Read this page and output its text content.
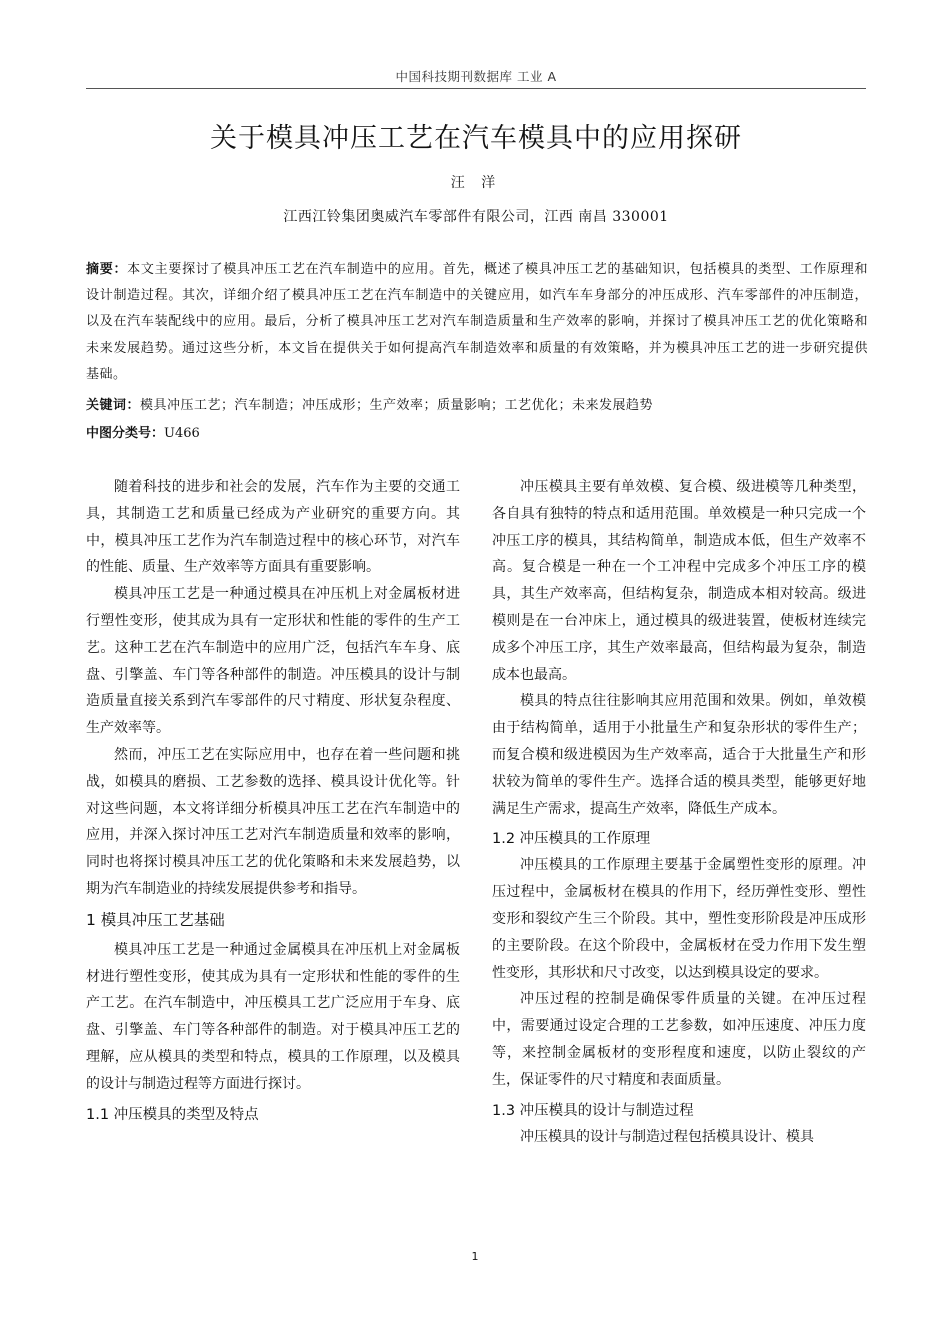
中国科技期刊数据库 工业 A
关于模具冲压工艺在汽车模具中的应用探研
汪 洋
江西江铃集团奥威汽车零部件有限公司，江西 南昌 330001
摘要：本文主要探讨了模具冲压工艺在汽车制造中的应用。首先，概述了模具冲压工艺的基础知识，包括模具的类型、工作原理和设计制造过程。其次，详细介绍了模具冲压工艺在汽车制造中的关键应用，如汽车车身部分的冲压成形、汽车零部件的冲压制造，以及在汽车装配线中的应用。最后，分析了模具冲压工艺对汽车制造质量和生产效率的影响，并探讨了模具冲压工艺的优化策略和未来发展趋势。通过这些分析，本文旨在提供关于如何提高汽车制造效率和质量的有效策略，并为模具冲压工艺的进一步研究提供基础。
关键词：模具冲压工艺；汽车制造；冲压成形；生产效率；质量影响；工艺优化；未来发展趋势
中图分类号：U466

随着科技的进步和社会的发展，汽车作为主要的交通工具，其制造工艺和质量已经成为产业研究的重要方向。其中，模具冲压工艺作为汽车制造过程中的核心环节，对汽车的性能、质量、生产效率等方面具有重要影响。

模具冲压工艺是一种通过模具在冲压机上对金属板材进行塑性变形，使其成为具有一定形状和性能的零件的生产工艺。这种工艺在汽车制造中的应用广泛，包括汽车车身、底盘、引擎盖、车门等各种部件的制造。冲压模具的设计与制造质量直接关系到汽车零部件的尺寸精度、形状复杂程度、生产效率等。

然而，冲压工艺在实际应用中，也存在着一些问题和挑战，如模具的磨损、工艺参数的选择、模具设计优化等。针对这些问题，本文将详细分析模具冲压工艺在汽车制造中的应用，并深入探讨冲压工艺对汽车制造质量和效率的影响，同时也将探讨模具冲压工艺的优化策略和未来发展趋势，以期为汽车制造业的持续发展提供参考和指导。

1 模具冲压工艺基础

模具冲压工艺是一种通过金属模具在冲压机上对金属板材进行塑性变形，使其成为具有一定形状和性能的零件的生产工艺。在汽车制造中，冲压模具工艺广泛应用于车身、底盘、引擎盖、车门等各种部件的制造。对于模具冲压工艺的理解，应从模具的类型和特点，模具的工作原理，以及模具的设计与制造过程等方面进行探讨。

1.1 冲压模具的类型及特点

冲压模具主要有单效模、复合模、级进模等几种类型，各自具有独特的特点和适用范围。单效模是一种只完成一个冲压工序的模具，其结构简单，制造成本低，但生产效率不高。复合模是一种在一个工冲程中完成多个冲压工序的模具，其生产效率高，但结构复杂，制造成本相对较高。级进模则是在一台冲床上，通过模具的级进装置，使板材连续完成多个冲压工序，其生产效率最高，但结构最为复杂，制造成本也最高。

模具的特点往往影响其应用范围和效果。例如，单效模由于结构简单，适用于小批量生产和复杂形状的零件生产；而复合模和级进模因为生产效率高，适合于大批量生产和形状较为简单的零件生产。选择合适的模具类型，能够更好地满足生产需求，提高生产效率，降低生产成本。

1.2 冲压模具的工作原理

冲压模具的工作原理主要基于金属塑性变形的原理。冲压过程中，金属板材在模具的作用下，经历弹性变形、塑性变形和裂纹产生三个阶段。其中，塑性变形阶段是冲压成形的主要阶段。在这个阶段中，金属板材在受力作用下发生塑性变形，其形状和尺寸改变，以达到模具设定的要求。

冲压过程的控制是确保零件质量的关键。在冲压过程中，需要通过设定合理的工艺参数，如冲压速度、冲压力度等，来控制金属板材的变形程度和速度，以防止裂纹的产生，保证零件的尺寸精度和表面质量。

1.3 冲压模具的设计与制造过程

冲压模具的设计与制造过程包括模具设计、模具

1
